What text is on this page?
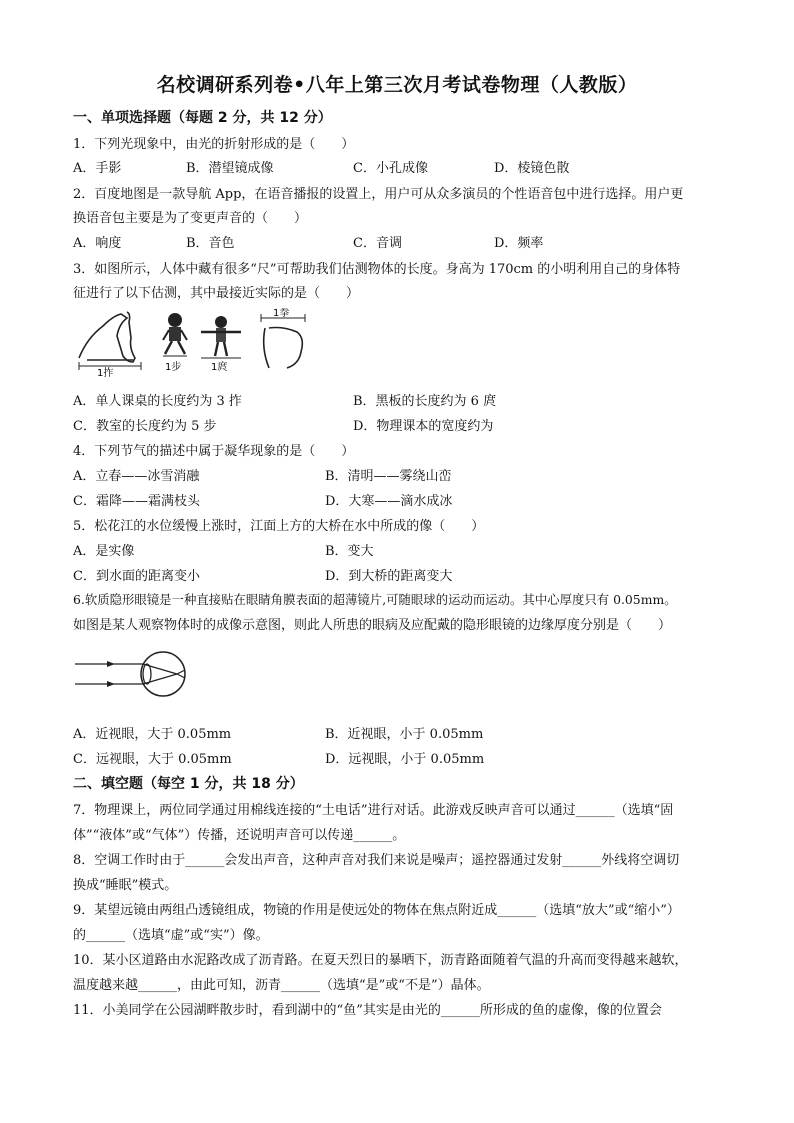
名校调研系列卷•八年上第三次月考试卷物理（人教版）
一、单项选择题（每题 2 分，共 12 分）
1．下列光现象中，由光的折射形成的是（　　）
A．手影	B．潜望镜成像	C．小孔成像	D．棱镜色散
2．百度地图是一款导航 App，在语音播报的设置上，用户可从众多演员的个性语音包中进行选择。用户更
换语音包主要是为了变更声音的（　　）
A．响度	B．音色	C．音调	D．频率
3．如图所示，人体中藏有很多“尺”可帮助我们估测物体的长度。身高为 170cm 的小明利用自己的身体特
征进行了以下估测，其中最接近实际的是（　　）
1拃
1步	1庹
1拳
A．单人课桌的长度约为 3 拃	B．黑板的长度约为 6 庹
C．教室的长度约为 5 步	D．物理课本的宽度约为
4．下列节气的描述中属于凝华现象的是（　　）
A．立春——冰雪消融	B．清明——雾绕山峦
C．霜降——霜满枝头	D．大寒——滴水成冰
5．松花江的水位缓慢上涨时，江面上方的大桥在水中所成的像（　　）
A．是实像	B．变大
C．到水面的距离变小	D．到大桥的距离变大
6.软质隐形眼镜是一种直接贴在眼睛角膜表面的超薄镜片,可随眼球的运动而运动。其中心厚度只有 0.05mm。
如图是某人观察物体时的成像示意图，则此人所患的眼病及应配戴的隐形眼镜的边缘厚度分别是（　　）
A．近视眼，大于 0.05mm	B．近视眼，小于 0.05mm
C．远视眼，大于 0.05mm	D．远视眼，小于 0.05mm
二、填空题（每空 1 分，共 18 分）
7．物理课上，两位同学通过用棉线连接的“土电话”进行对话。此游戏反映声音可以通过______（选填“固
体”“液体”或“气体”）传播，还说明声音可以传递______。
8．空调工作时由于______会发出声音，这种声音对我们来说是噪声；遥控器通过发射______外线将空调切
换成“睡眠”模式。
9．某望远镜由两组凸透镜组成，物镜的作用是使远处的物体在焦点附近成______（选填“放大”或“缩小”）
的______（选填“虚”或“实”）像。
10．某小区道路由水泥路改成了沥青路。在夏天烈日的暴晒下，沥青路面随着气温的升高而变得越来越软，
温度越来越______，由此可知，沥青______（选填“是”或“不是”）晶体。
11．小美同学在公园湖畔散步时，看到湖中的“鱼”其实是由光的______所形成的鱼的虚像，像的位置会
